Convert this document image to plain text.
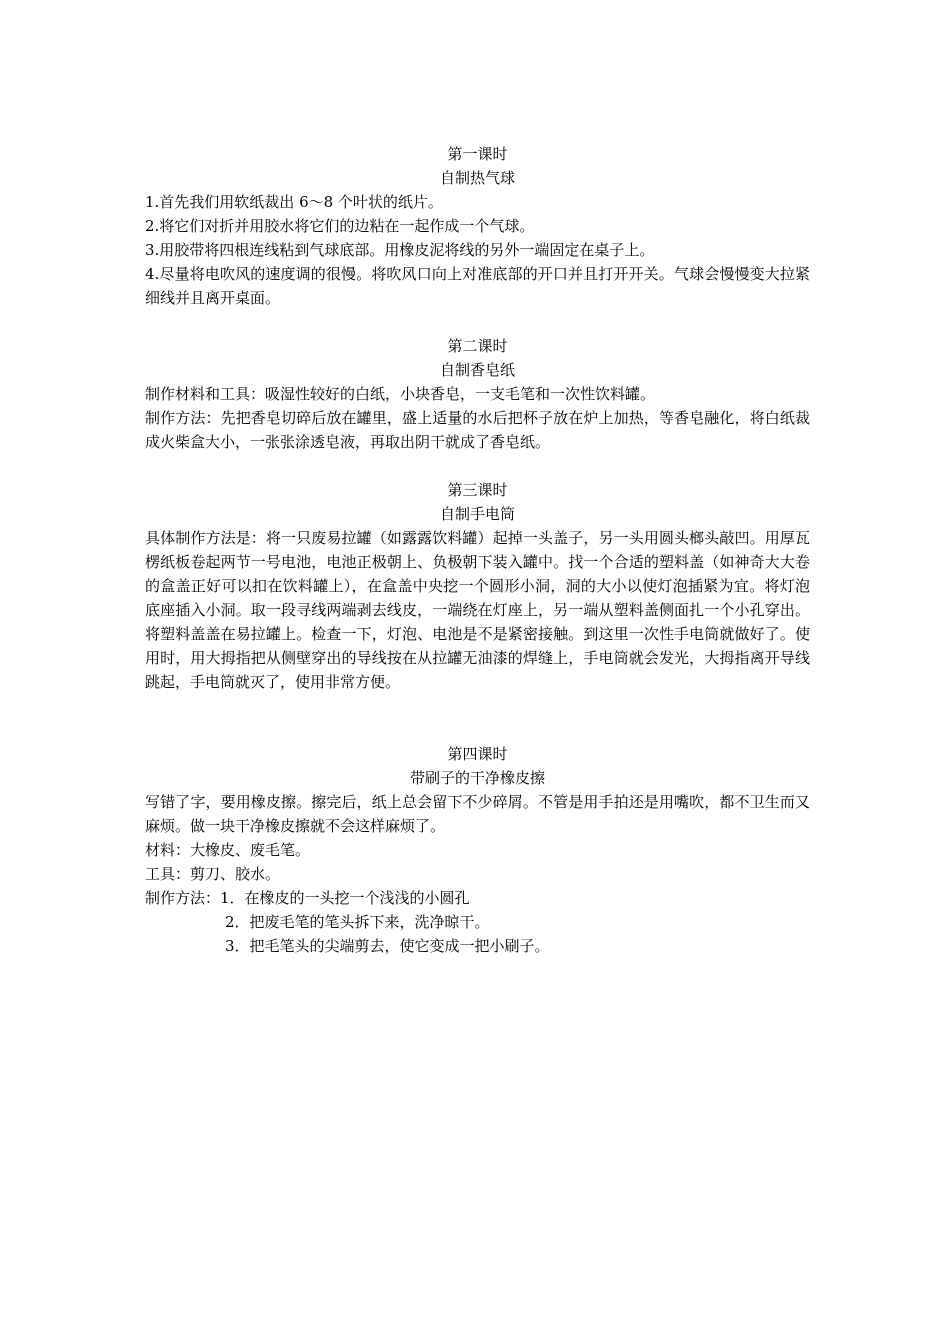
第一课时

自制热气球

1.首先我们用软纸裁出 6～8 个叶状的纸片。

2.将它们对折并用胶水将它们的边粘在一起作成一个气球。

3.用胶带将四根连线粘到气球底部。用橡皮泥将线的另外一端固定在桌子上。

4.尽量将电吹风的速度调的很慢。将吹风口向上对准底部的开口并且打开开关。气球会慢慢变大拉紧细线并且离开桌面。

第二课时

自制香皂纸

制作材料和工具：吸湿性较好的白纸，小块香皂，一支毛笔和一次性饮料罐。

制作方法：先把香皂切碎后放在罐里，盛上适量的水后把杯子放在炉上加热，等香皂融化，将白纸裁成火柴盒大小，一张张涂透皂液，再取出阴干就成了香皂纸。

第三课时

自制手电筒

具体制作方法是：将一只废易拉罐（如露露饮料罐）起掉一头盖子，另一头用圆头榔头敲凹。用厚瓦楞纸板卷起两节一号电池，电池正极朝上、负极朝下装入罐中。找一个合适的塑料盖（如神奇大大卷的盒盖正好可以扣在饮料罐上），在盒盖中央挖一个圆形小洞，洞的大小以使灯泡插紧为宜。将灯泡底座插入小洞。取一段寻线两端剥去线皮，一端绕在灯座上，另一端从塑料盖侧面扎一个小孔穿出。将塑料盖盖在易拉罐上。检查一下，灯泡、电池是不是紧密接触。到这里一次性手电筒就做好了。使用时，用大拇指把从侧壁穿出的导线按在从拉罐无油漆的焊缝上，手电筒就会发光，大拇指离开导线跳起，手电筒就灭了，使用非常方便。

第四课时

带刷子的干净橡皮擦

写错了字，要用橡皮擦。擦完后，纸上总会留下不少碎屑。不管是用手拍还是用嘴吹，都不卫生而又麻烦。做一块干净橡皮擦就不会这样麻烦了。

材料：大橡皮、废毛笔。

工具：剪刀、胶水。

制作方法： 1．在橡皮的一头挖一个浅浅的小圆孔

2．把废毛笔的笔头拆下来，洗净晾干。

3．把毛笔头的尖端剪去，使它变成一把小刷子。
